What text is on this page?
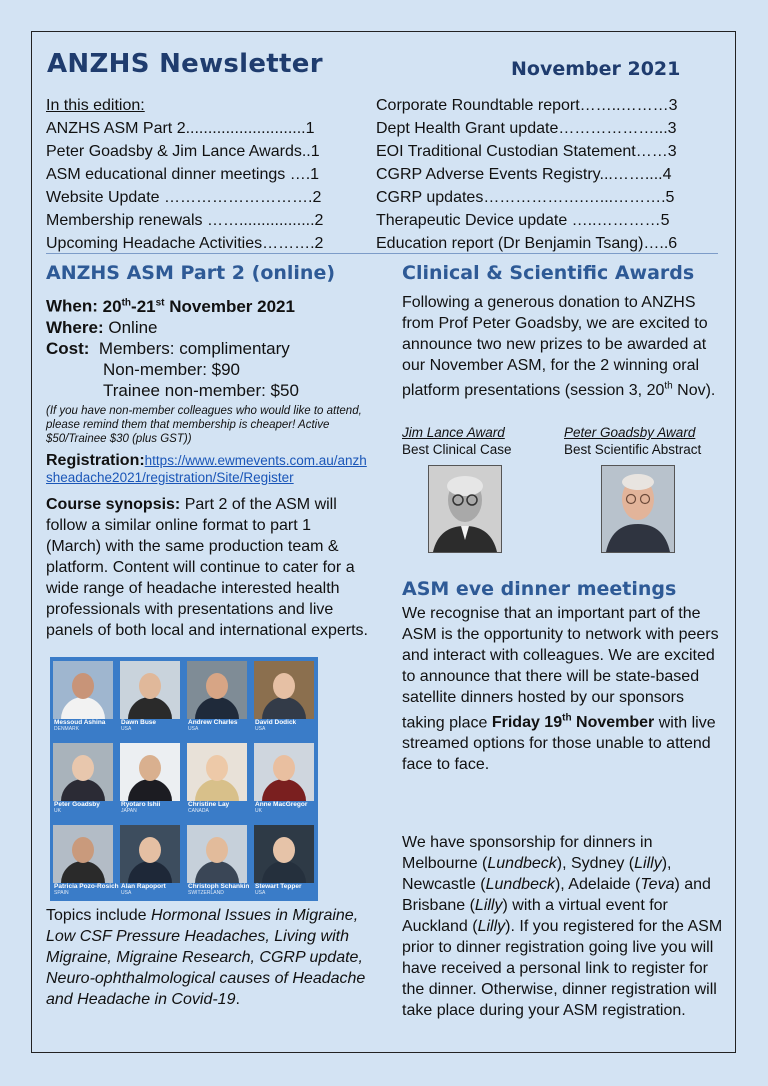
ANZHS Newsletter	November 2021
In this edition:
ANZHS ASM Part 2...........................1
Peter Goadsby & Jim Lance Awards..1
ASM educational dinner meetings ….1
Website Update ……………………….2
Membership renewals …….................2
Upcoming Headache Activities……….2
Corporate Roundtable report……..………3
Dept Health Grant update………………...3
EOI Traditional Custodian Statement……3
CGRP Adverse Events Registry...……....4
CGRP updates……………….…...……….5
Therapeutic Device update …..…………5
Education report (Dr Benjamin Tsang)…..6
ANZHS ASM Part 2 (online)
When: 20th-21st November 2021
Where: Online
Cost: Members: complimentary
Non-member: $90
Trainee non-member: $50
(If you have non-member colleagues who would like to attend, please remind them that membership is cheaper! Active $50/Trainee $30 (plus GST))
Registration:https://www.ewmevents.com.au/anzhsheadache2021/registration/Site/Register
Course synopsis: Part 2 of the ASM will follow a similar online format to part 1 (March) with the same production team & platform. Content will continue to cater for a wide range of headache interested health professionals with presentations and live panels of both local and international experts.
Messoud Ashina
DENMARK
Dawn Buse
USA
Andrew Charles
USA
David Dodick
USA
Peter Goadsby
UK
Ryotaro Ishii
JAPAN
Christine Lay
CANADA
Anne MacGregor
UK
Patricia Pozo-Rosich
SPAIN
Alan Rapoport
USA
Christoph Schankin
SWITZERLAND
Stewart Tepper
USA
Topics include Hormonal Issues in Migraine, Low CSF Pressure Headaches, Living with Migraine, Migraine Research, CGRP update, Neuro-ophthalmological causes of Headache and Headache in Covid-19.
Clinical & Scientific Awards
Following a generous donation to ANZHS from Prof Peter Goadsby, we are excited to announce two new prizes to be awarded at our November ASM, for the 2 winning oral platform presentations (session 3, 20th Nov).
Jim Lance Award
Best Clinical Case
Peter Goadsby Award
Best Scientific Abstract
ASM eve dinner meetings
We recognise that an important part of the ASM is the opportunity to network with peers and interact with colleagues. We are excited to announce that there will be state-based satellite dinners hosted by our sponsors taking place Friday 19th November with live streamed options for those unable to attend face to face.
We have sponsorship for dinners in Melbourne (Lundbeck), Sydney (Lilly), Newcastle (Lundbeck), Adelaide (Teva) and Brisbane (Lilly) with a virtual event for Auckland (Lilly). If you registered for the ASM prior to dinner registration going live you will have received a personal link to register for the dinner. Otherwise, dinner registration will take place during your ASM registration.
